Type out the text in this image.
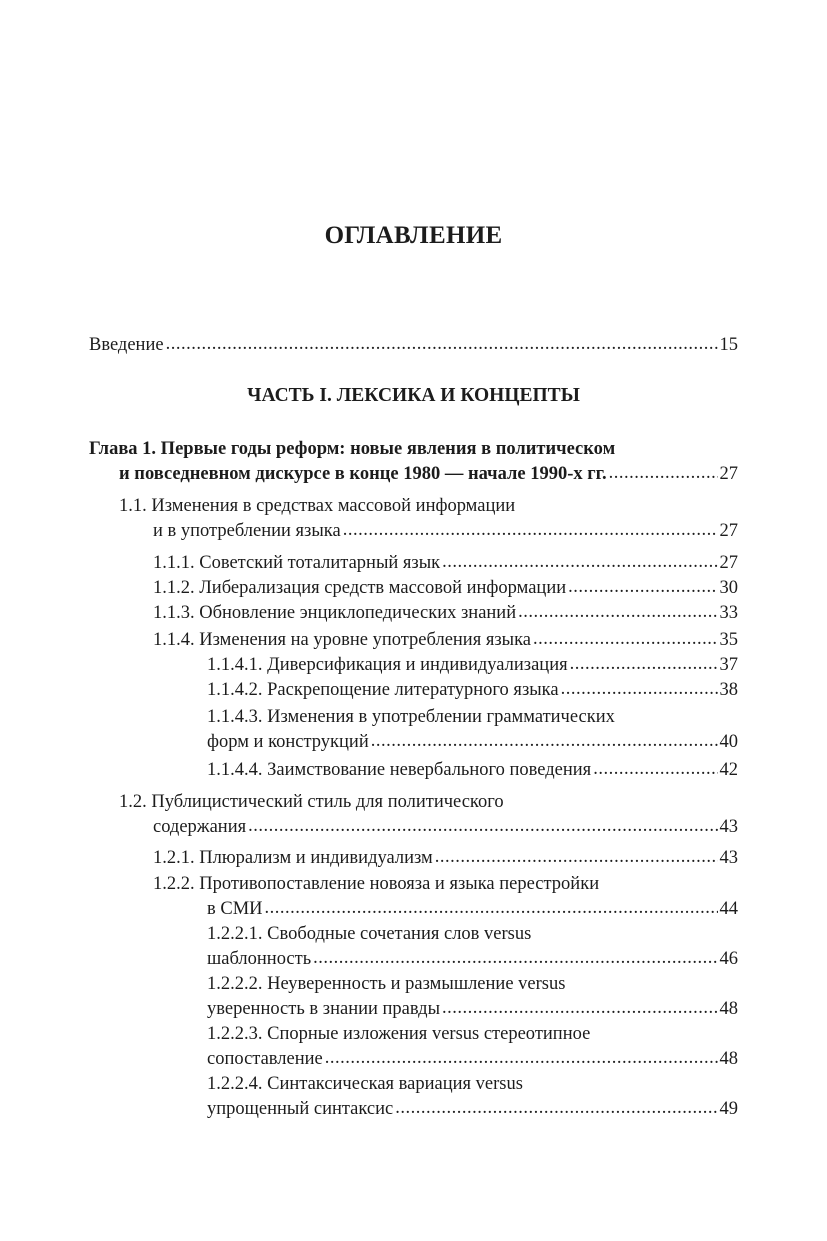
ОГЛАВЛЕНИЕ
Введение .....	15
ЧАСТЬ I. ЛЕКСИКА И КОНЦЕПТЫ
Глава 1. Первые годы реформ: новые явления в политическом
и повседневном дискурсе в конце 1980 — начале 1990-х гг. .....	27
1.1. Изменения в средствах массовой информации
и в употреблении языка .....	27
1.1.1. Советский тоталитарный язык .....	27
1.1.2. Либерализация средств массовой информации .....	30
1.1.3. Обновление энциклопедических знаний .....	33
1.1.4. Изменения на уровне употребления языка .....	35
1.1.4.1. Диверсификация и индивидуализация .....	37
1.1.4.2. Раскрепощение литературного языка .....	38
1.1.4.3. Изменения в употреблении грамматических
форм и конструкций .....	40
1.1.4.4. Заимствование невербального поведения .....	42
1.2. Публицистический стиль для политического
содержания .....	43
1.2.1. Плюрализм и индивидуализм .....	43
1.2.2. Противопоставление новояза и языка перестройки
в СМИ .....	44
1.2.2.1. Свободные сочетания слов versus
шаблонность .....	46
1.2.2.2. Неуверенность и размышление versus
уверенность в знании правды .....	48
1.2.2.3. Спорные изложения versus стереотипное
сопоставление .....	48
1.2.2.4. Синтаксическая вариация versus
упрощенный синтаксис .....	49
